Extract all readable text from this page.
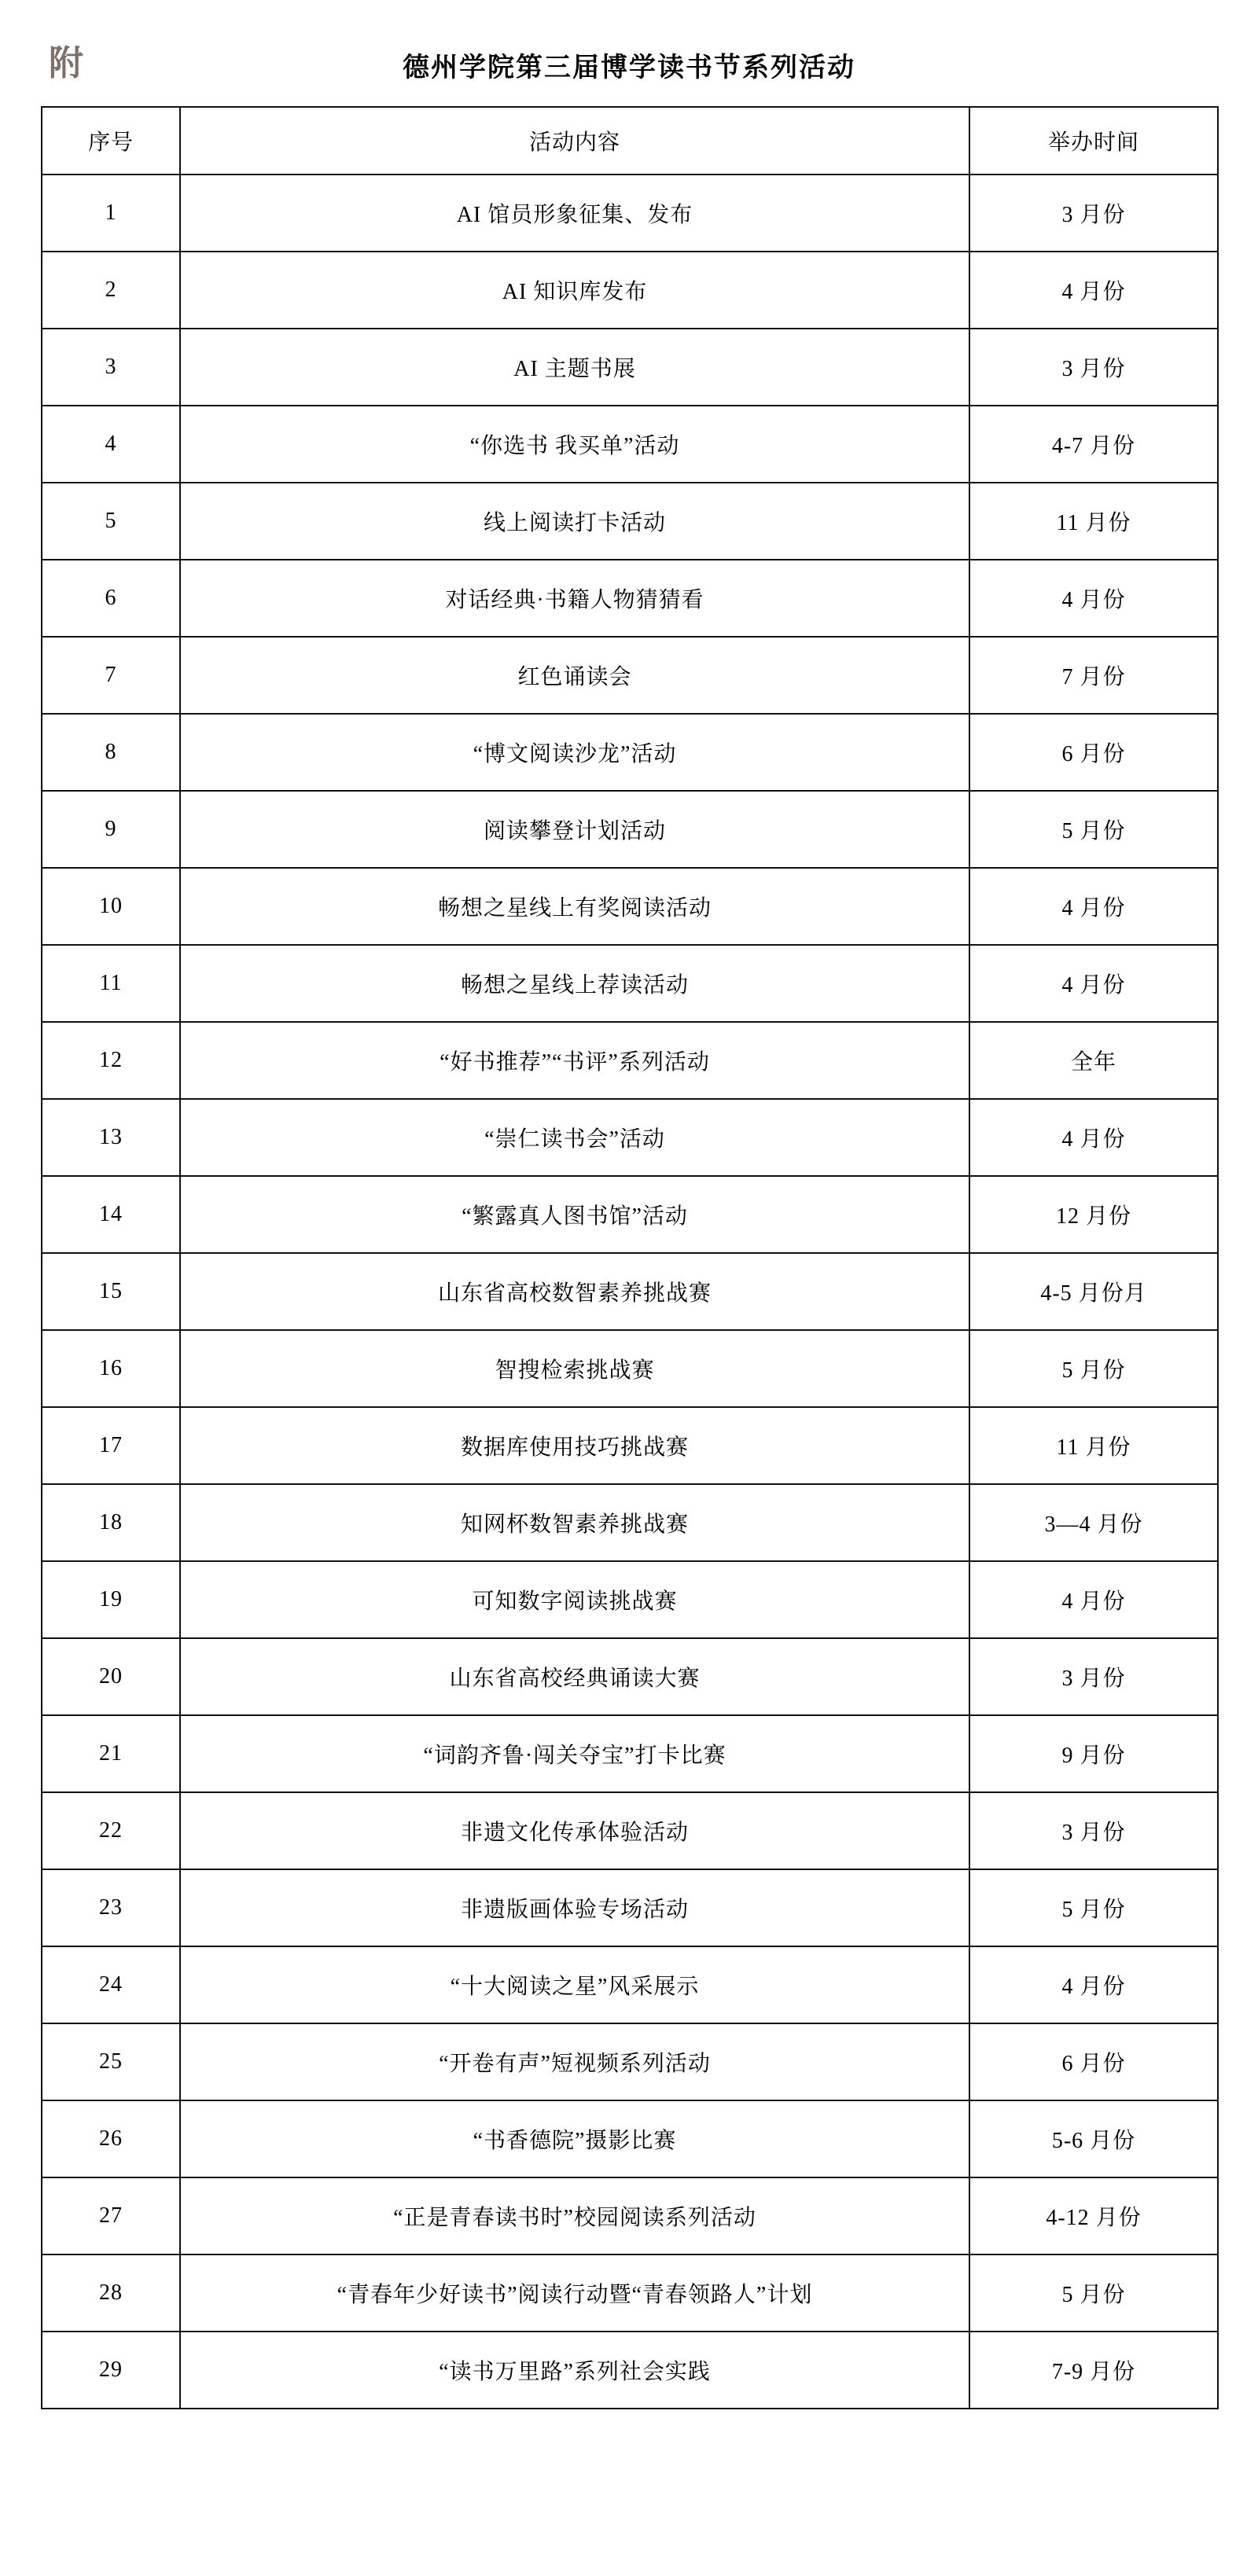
附	德州学院第三届博学读书节系列活动
序号	活动内容	举办时间
1	AI 馆员形象征集、发布	3 月份
2	AI 知识库发布	4 月份
3	AI 主题书展	3 月份
4	“你选书 我买单”活动	4-7 月份
5	线上阅读打卡活动	11 月份
6	对话经典·书籍人物猜猜看	4 月份
7	红色诵读会	7 月份
8	“博文阅读沙龙”活动	6 月份
9	阅读攀登计划活动	5 月份
10	畅想之星线上有奖阅读活动	4 月份
11	畅想之星线上荐读活动	4 月份
12	“好书推荐”“书评”系列活动	全年
13	“崇仁读书会”活动	4 月份
14	“繁露真人图书馆”活动	12 月份
15	山东省高校数智素养挑战赛	4-5 月份月
16	智搜检索挑战赛	5 月份
17	数据库使用技巧挑战赛	11 月份
18	知网杯数智素养挑战赛	3—4 月份
19	可知数字阅读挑战赛	4 月份
20	山东省高校经典诵读大赛	3 月份
21	“词韵齐鲁·闯关夺宝”打卡比赛	9 月份
22	非遗文化传承体验活动	3 月份
23	非遗版画体验专场活动	5 月份
24	“十大阅读之星”风采展示	4 月份
25	“开卷有声”短视频系列活动	6 月份
26	“书香德院”摄影比赛	5-6 月份
27	“正是青春读书时”校园阅读系列活动	4-12 月份
28	“青春年少好读书”阅读行动暨“青春领路人”计划	5 月份
29	“读书万里路”系列社会实践	7-9 月份
